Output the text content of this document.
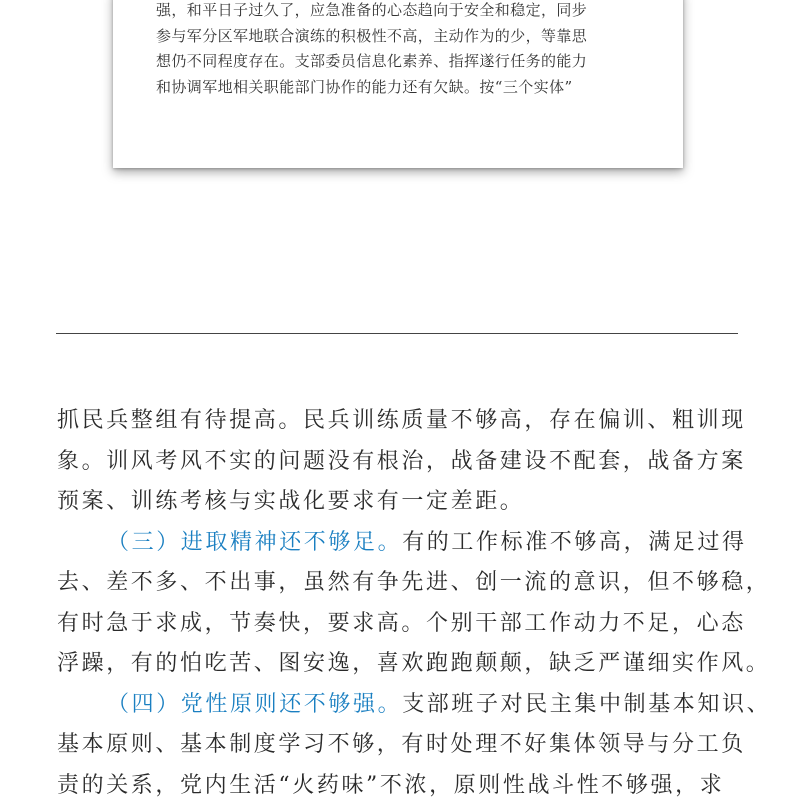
强，和平日子过久了，应急准备的心态趋向于安全和稳定，同步
参与军分区军地联合演练的积极性不高，主动作为的少，等靠思
想仍不同程度存在。支部委员信息化素养、指挥遂行任务的能力
和协调军地相关职能部门协作的能力还有欠缺。按“三个实体”
抓民兵整组有待提高。民兵训练质量不够高，存在偏训、粗训现
象。训风考风不实的问题没有根治，战备建设不配套，战备方案
预案、训练考核与实战化要求有一定差距。
（三）进取精神还不够足。有的工作标准不够高，满足过得
去、差不多、不出事，虽然有争先进、创一流的意识，但不够稳，
有时急于求成，节奏快，要求高。个别干部工作动力不足，心态
浮躁，有的怕吃苦、图安逸，喜欢跑跑颠颠，缺乏严谨细实作风。
（四）党性原则还不够强。支部班子对民主集中制基本知识、
基本原则、基本制度学习不够，有时处理不好集体领导与分工负
责的关系，党内生活“火药味”不浓，原则性战斗性不够强，求
